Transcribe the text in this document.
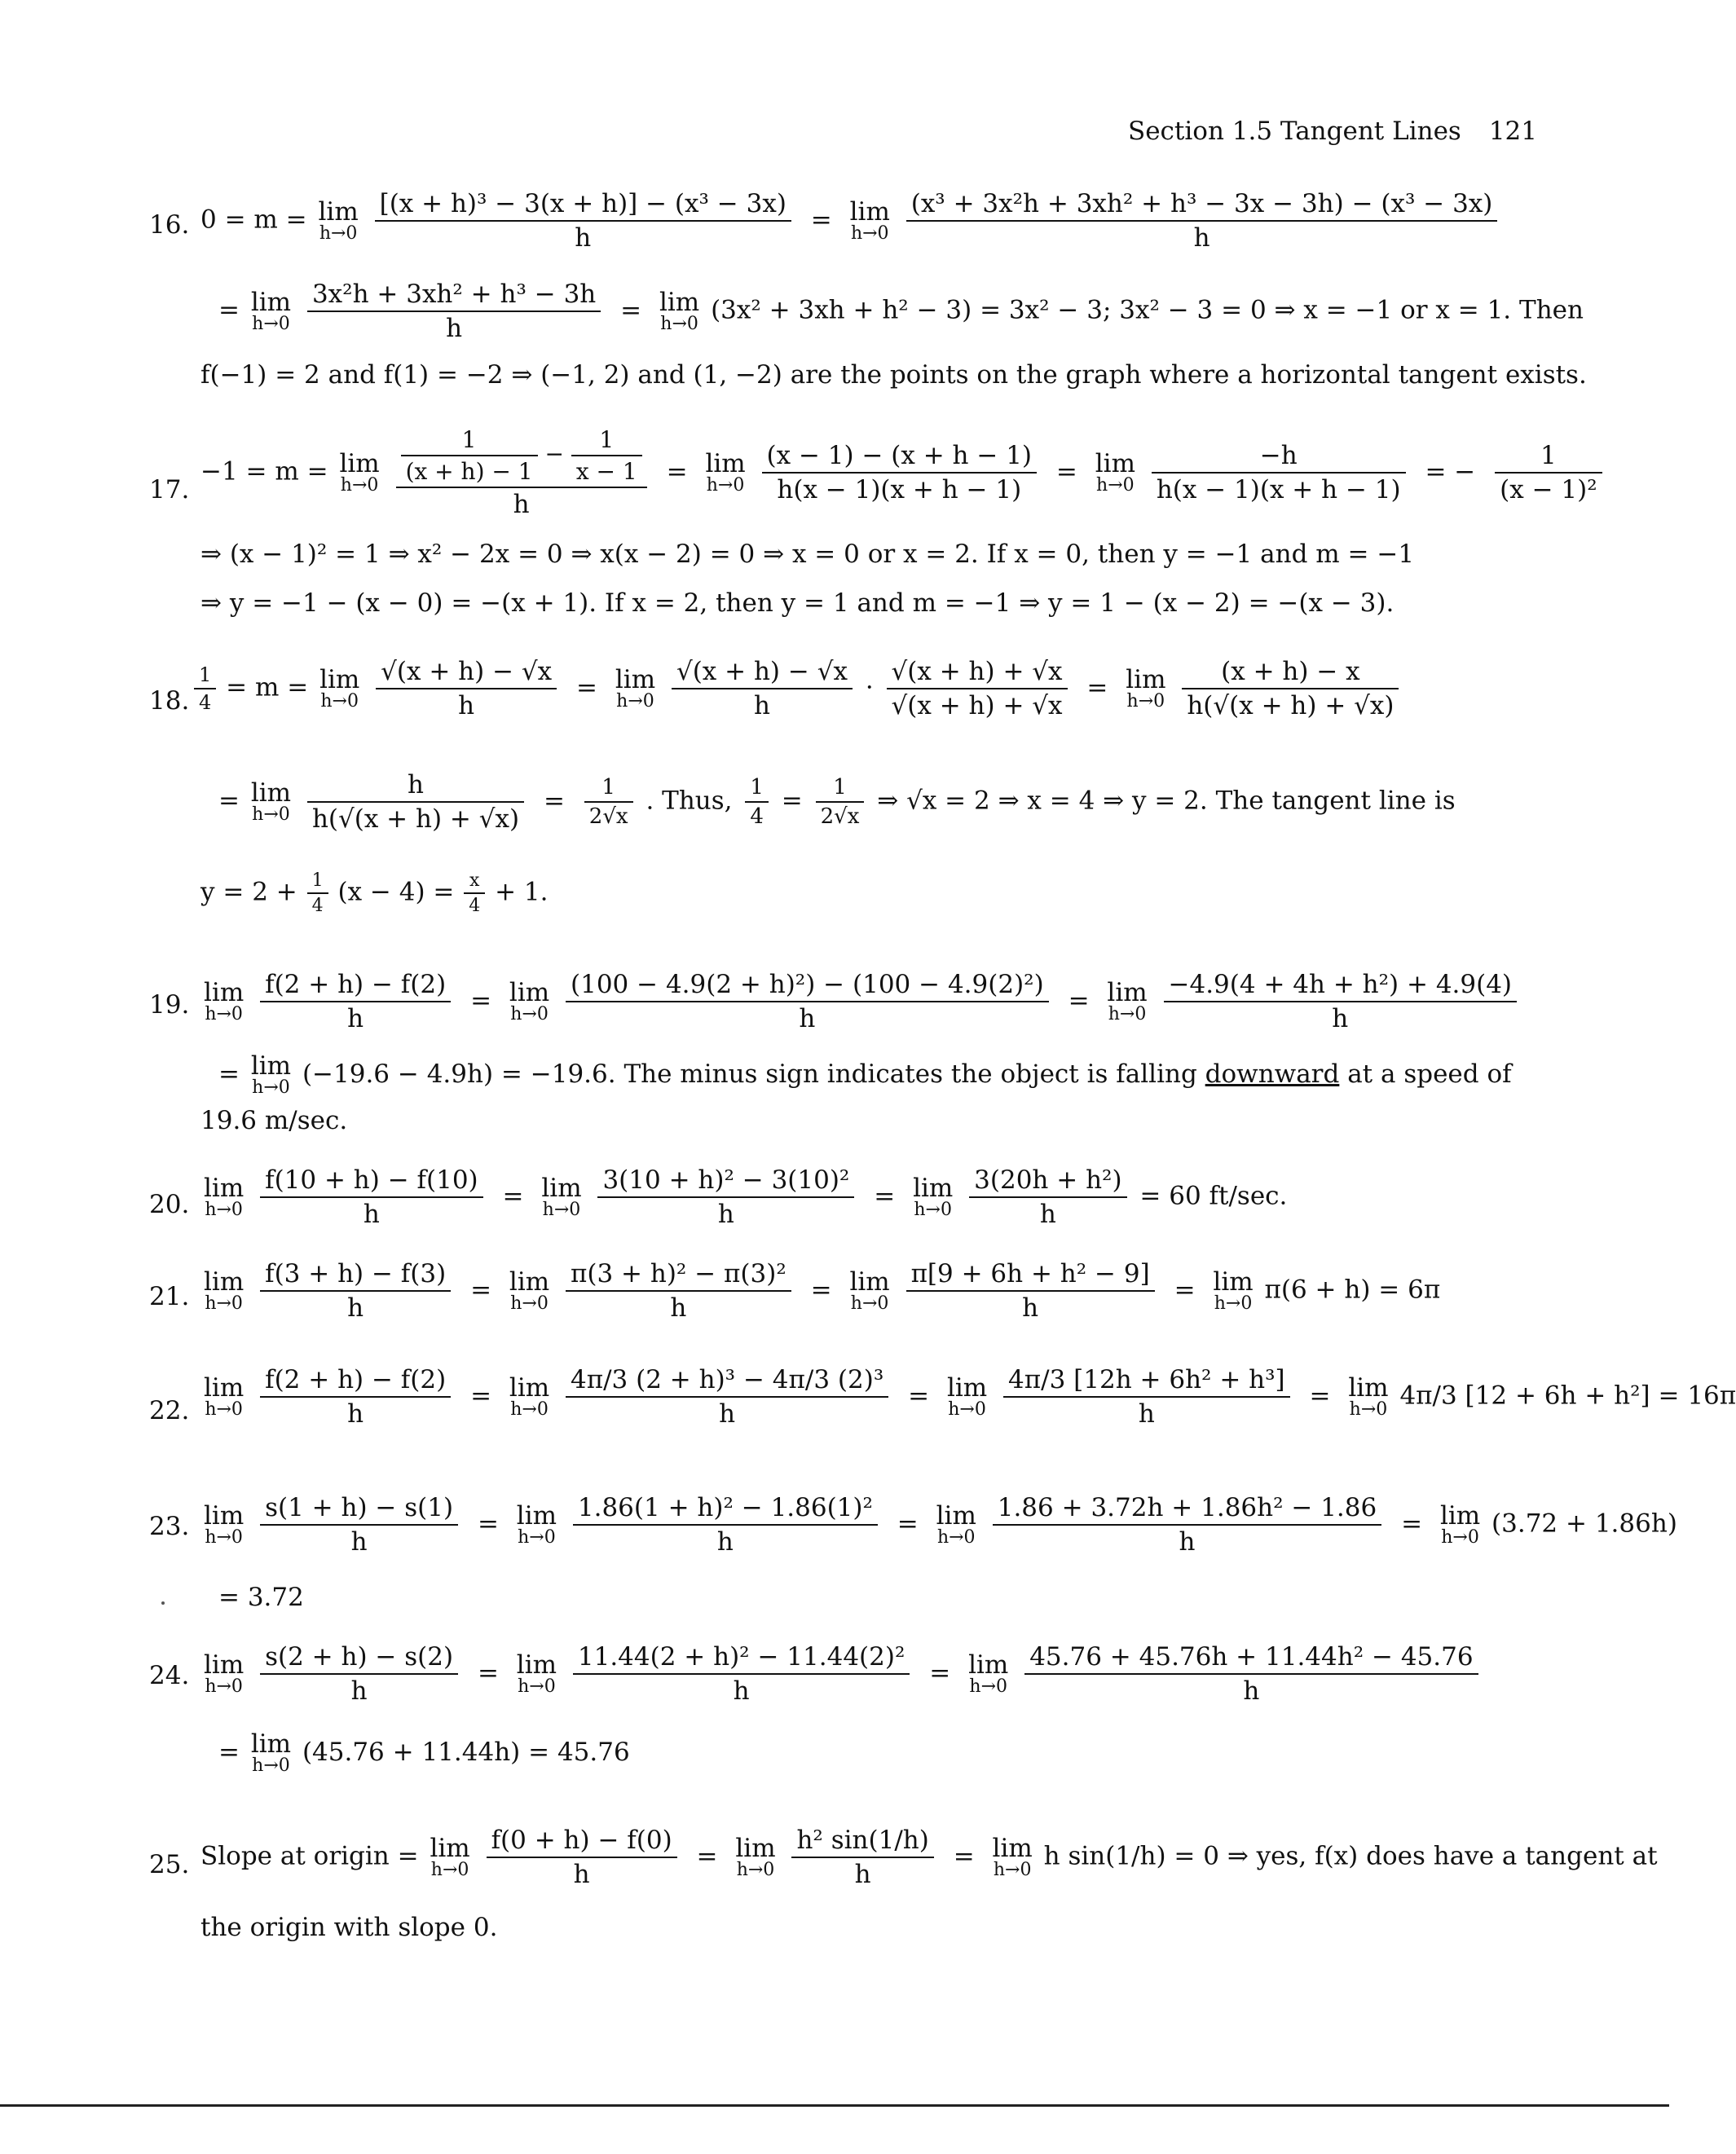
Section 1.5 Tangent Lines 121
16. 0 = m = lim
h→0
$\frac{\text{[(x + h)³ − 3(x + h)] − (x³ − 3x)}}{h} = \lim$
h→0
$\frac{\text{(x³ + 3x²h + 3xh² + h³ − 3x − 3h) − (x³ − 3x)}}{h}$
= lim
h→0
$\frac{\text{3x²h + 3xh² + h³ − 3h}}{h} = \lim$
h→0 (3x² + 3xh + h² − 3) = 3x² − 3; 3x² − 3 = 0 ⇒ x = −1 or x = 1. Then
f(−1) = 2 and f(1) = −2 ⇒ (−1, 2) and (1, −2) are the points on the graph where a horizontal tangent exists.
17.
−1 = m = lim
h→0
$\frac{\frac{1}{(x + h) - 1} - \frac{1}{x - 1}}{h} = \lim$
h→0
$\frac{(x - 1) - (x + h - 1)}{h(x - 1)(x + h - 1)} = \lim$
h→0
$\frac{-h}{h(x - 1)(x + h - 1)}$ = − $\frac{1}{\text{(x − 1)²}}$
⇒ (x − 1)² = 1 ⇒ x² − 2x = 0 ⇒ x(x − 2) = 0 ⇒ x = 0 or x = 2. If x = 0, then y = −1 and m = −1
⇒ y = −1 − (x − 0) = −(x + 1). If x = 2, then y = 1 and m = −1 ⇒ y = 1 − (x − 2) = −(x − 3).
18. $\frac{1}{4} = m = \lim$
h→0
$\frac{√(x + h) - √x}{h} = \lim$
h→0
$\frac{√(x + h) - √x}{h} \cdot \frac{√(x + h) + √x}{√(x + h) + √x} = \lim$
h→0
$\frac{(x + h) - x}{h(√(x + h) + √x)}$
= lim
h→0
$\frac{h}{h(√(x + h) + √x)} = \frac{1}{2√x}$ . Thus, $\frac{1}{4} = \frac{1}{2√x}$ ⇒ √x = 2 ⇒ x = 4 ⇒ y = 2. The tangent line is
$y = 2 + \frac{1}{4} (x - 4) = \frac{x}{4} + 1$.
19. lim
h→0
$\frac{f(2 + h) - f(2)}{h} = \lim$
h→0
$\frac{\text{(100 − 4.9(2 + h)²) − (100 − 4.9(2)²)}}{h} = \lim$
h→0
$\frac{\text{−4.9(4 + 4h + h²) + 4.9(4)}}{h}$
= lim
h→0 (−19.6 − 4.9h) = −19.6. The minus sign indicates the object is falling downward at a speed of
19.6 m/sec.
20.
lim
h→0
$\frac{f(10 + h) - f(10)}{h} = \lim$
h→0
$\frac{\text{3(10 + h)² − 3(10)²}}{h} = \lim$
h→0
$\frac{\text{3(20h + h²)}}{h} = 60$ ft/sec.
21.
lim
h→0
$\frac{f(3 + h) - f(3)}{h} = \lim$
h→0
$\frac{\text{π(3 + h)² − π(3)²}}{h} = \lim$
h→0
$\frac{\text{π[9 + 6h + h² − 9]}}{h} = \lim$
h→0 π(6 + h) = 6π
22.
lim
h→0
$\frac{f(2 + h) - f(2)}{h} = \lim$
h→0
$\frac{\text{4π/3 (2 + h)³ − 4π/3 (2)³}}{h} = \lim$
h→0
$\frac{\text{4π/3 [12h + 6h² + h³]}}{h} = \lim$
h→0 4π/3 [12 + 6h + h²] = 16π
23. lim
h→0
$\frac{s(1 + h) - s(1)}{h} = \lim$
h→0
$\frac{\text{1.86(1 + h)² − 1.86(1)²}}{h} = \lim$
h→0
$\frac{\text{1.86 + 3.72h + 1.86h² − 1.86}}{h} = \lim$
h→0 (3.72 + 1.86h)
= 3.72
24. lim
h→0
$\frac{s(2 + h) - s(2)}{h} = \lim$
h→0
$\frac{\text{11.44(2 + h)² − 11.44(2)²}}{h} = \lim$
h→0
$\frac{\text{45.76 + 45.76h + 11.44h² − 45.76}}{h}$
= lim
h→0 (45.76 + 11.44h) = 45.76
25. Slope at origin = lim
h→0
$\frac{f(0 + h) - f(0)}{h} = \lim$
h→0
$\frac{\text{h² sin(1/h)}}{h} = \lim$
h→0 h sin(1/h) = 0 ⇒ yes, f(x) does have a tangent at
the origin with slope 0.
